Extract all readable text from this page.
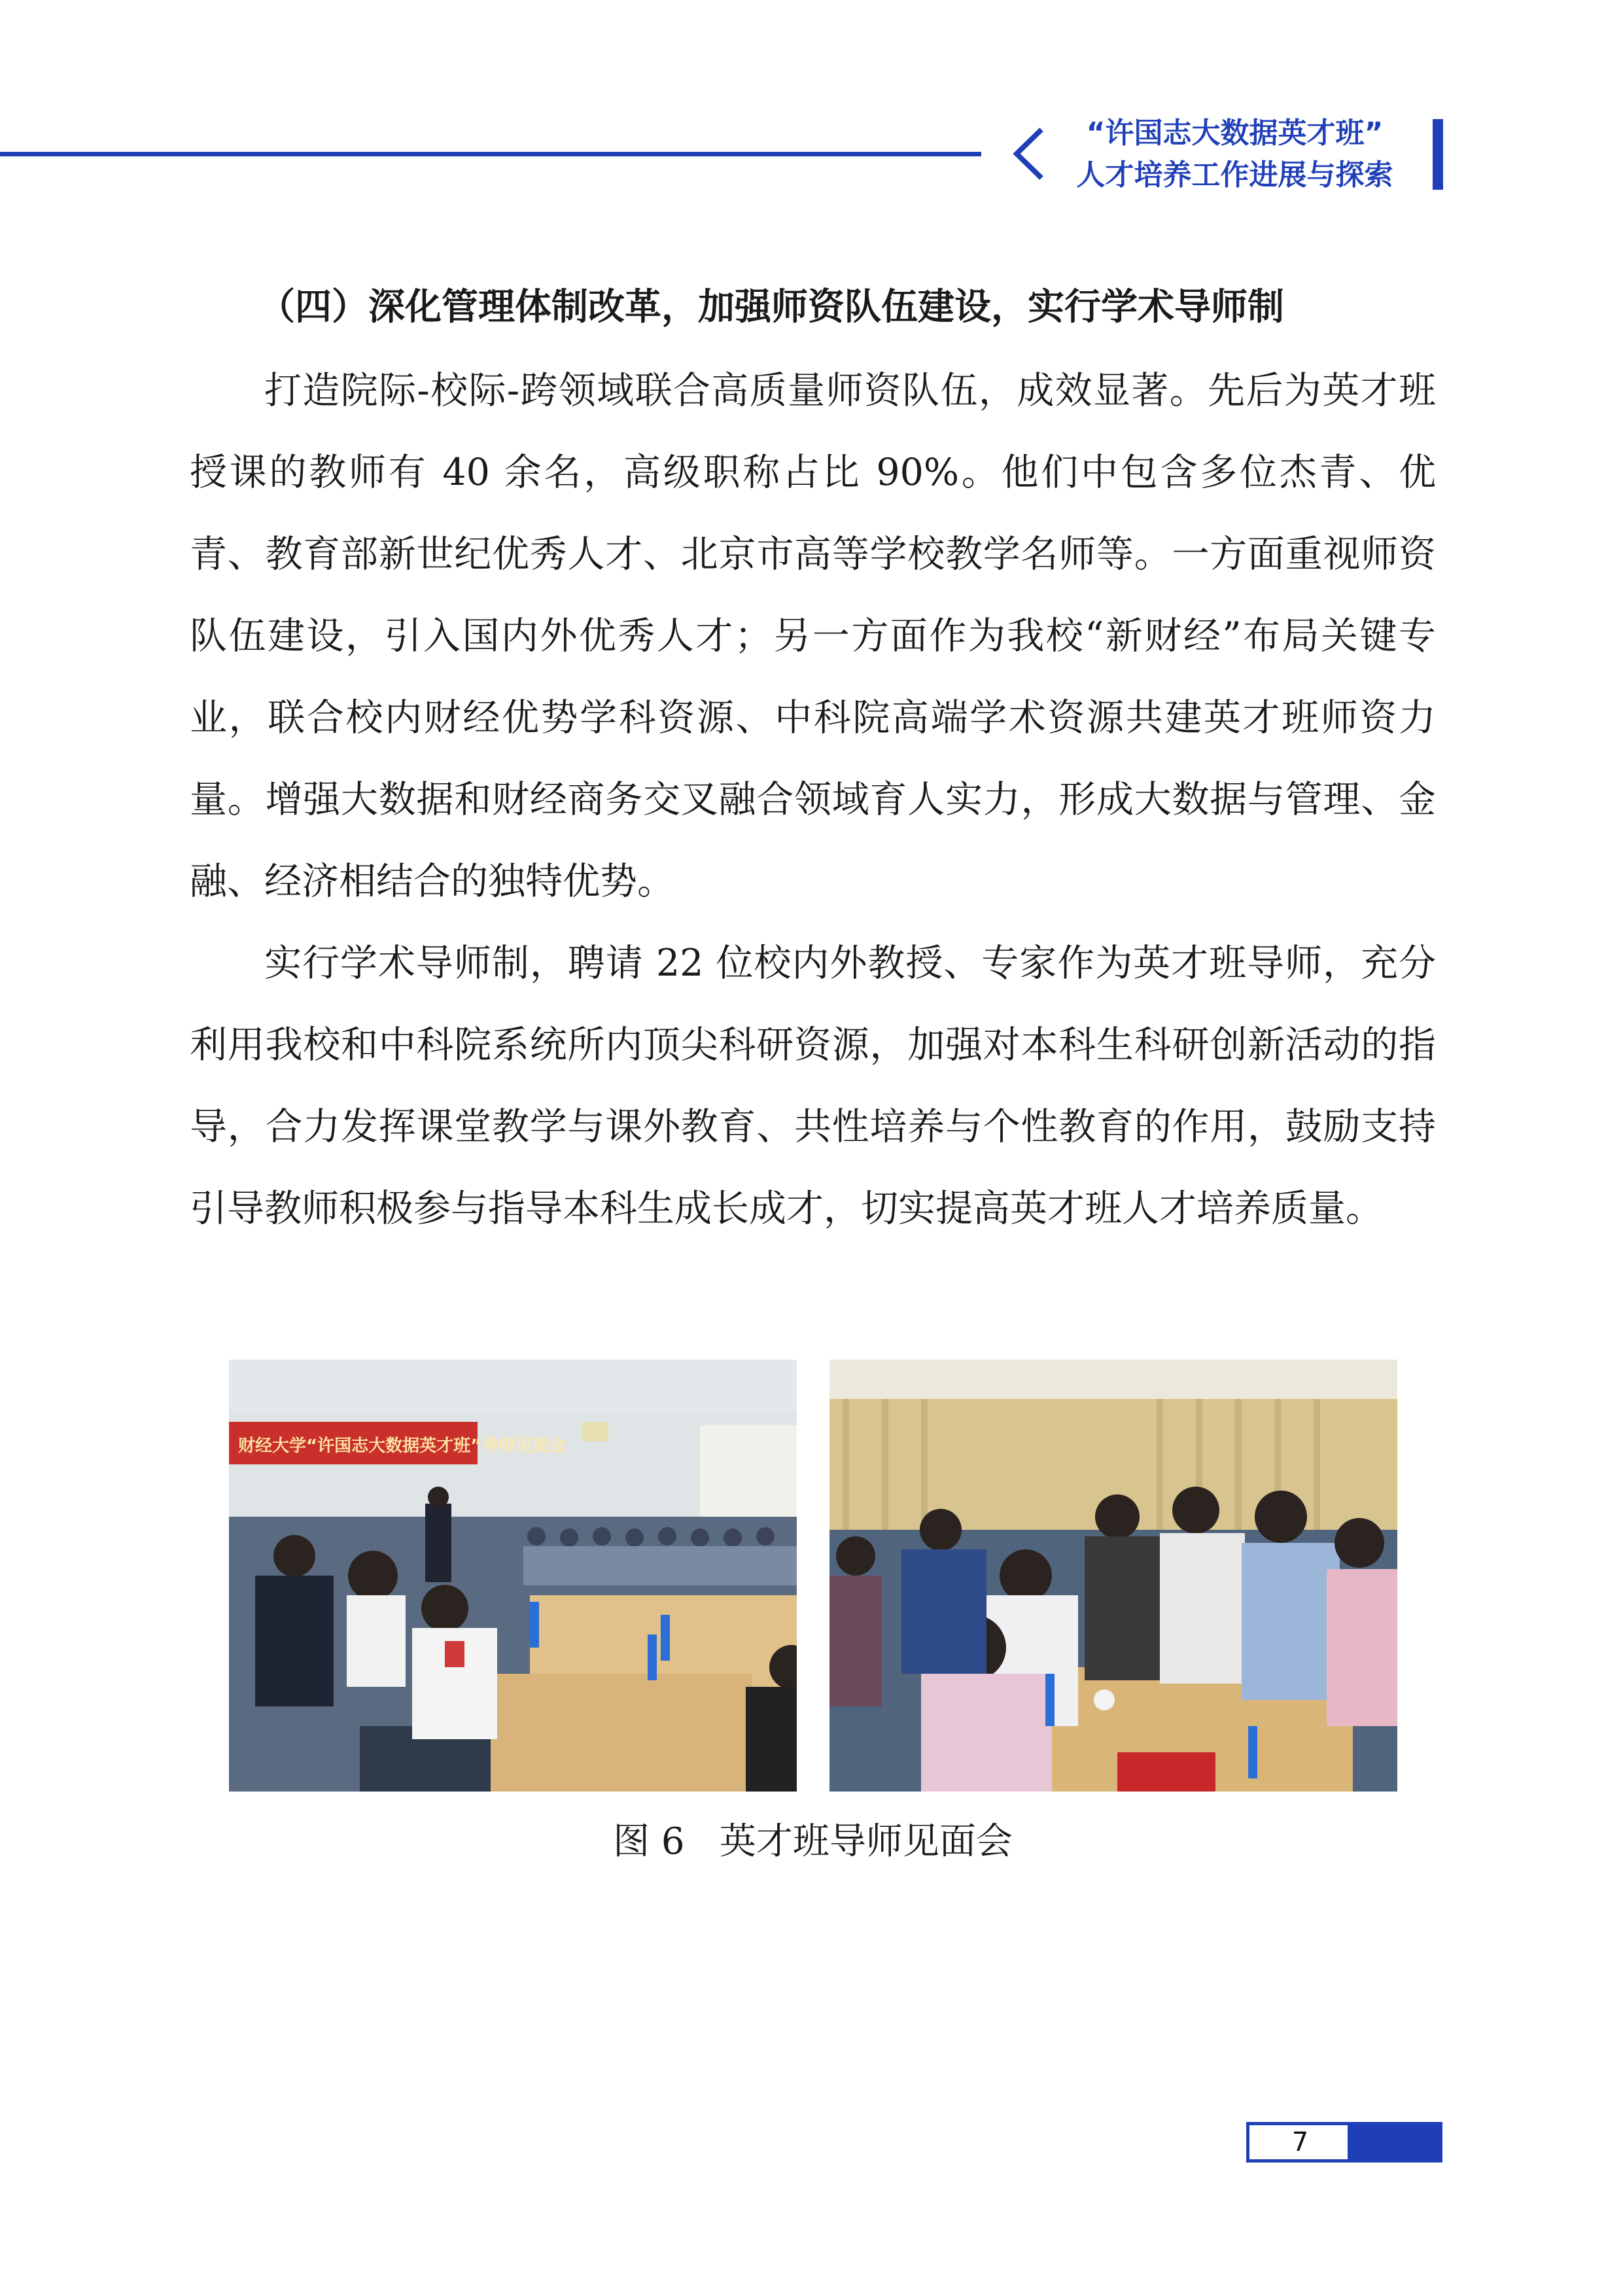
“许国志大数据英才班”
人才培养工作进展与探索
（四）深化管理体制改革，加强师资队伍建设，实行学术导师制

打造院际-校际-跨领域联合高质量师资队伍，成效显著。先后为英才班授课的教师有 40 余名，高级职称占比 90%。他们中包含多位杰青、优青、教育部新世纪优秀人才、北京市高等学校教学名师等。一方面重视师资队伍建设，引入国内外优秀人才；另一方面作为我校“新财经”布局关键专业，联合校内财经优势学科资源、中科院高端学术资源共建英才班师资力量。增强大数据和财经商务交叉融合领域育人实力，形成大数据与管理、金融、经济相结合的独特优势。

实行学术导师制，聘请 22 位校内外教授、专家作为英才班导师，充分利用我校和中科院系统所内顶尖科研资源，加强对本科生科研创新活动的指导，合力发挥课堂教学与课外教育、共性培养与个性教育的作用，鼓励支持引导教师积极参与指导本科生成长成才，切实提高英才班人才培养质量。

财经大学“许国志大数据英才班”导师见面会
图 6 英才班导师见面会
7
